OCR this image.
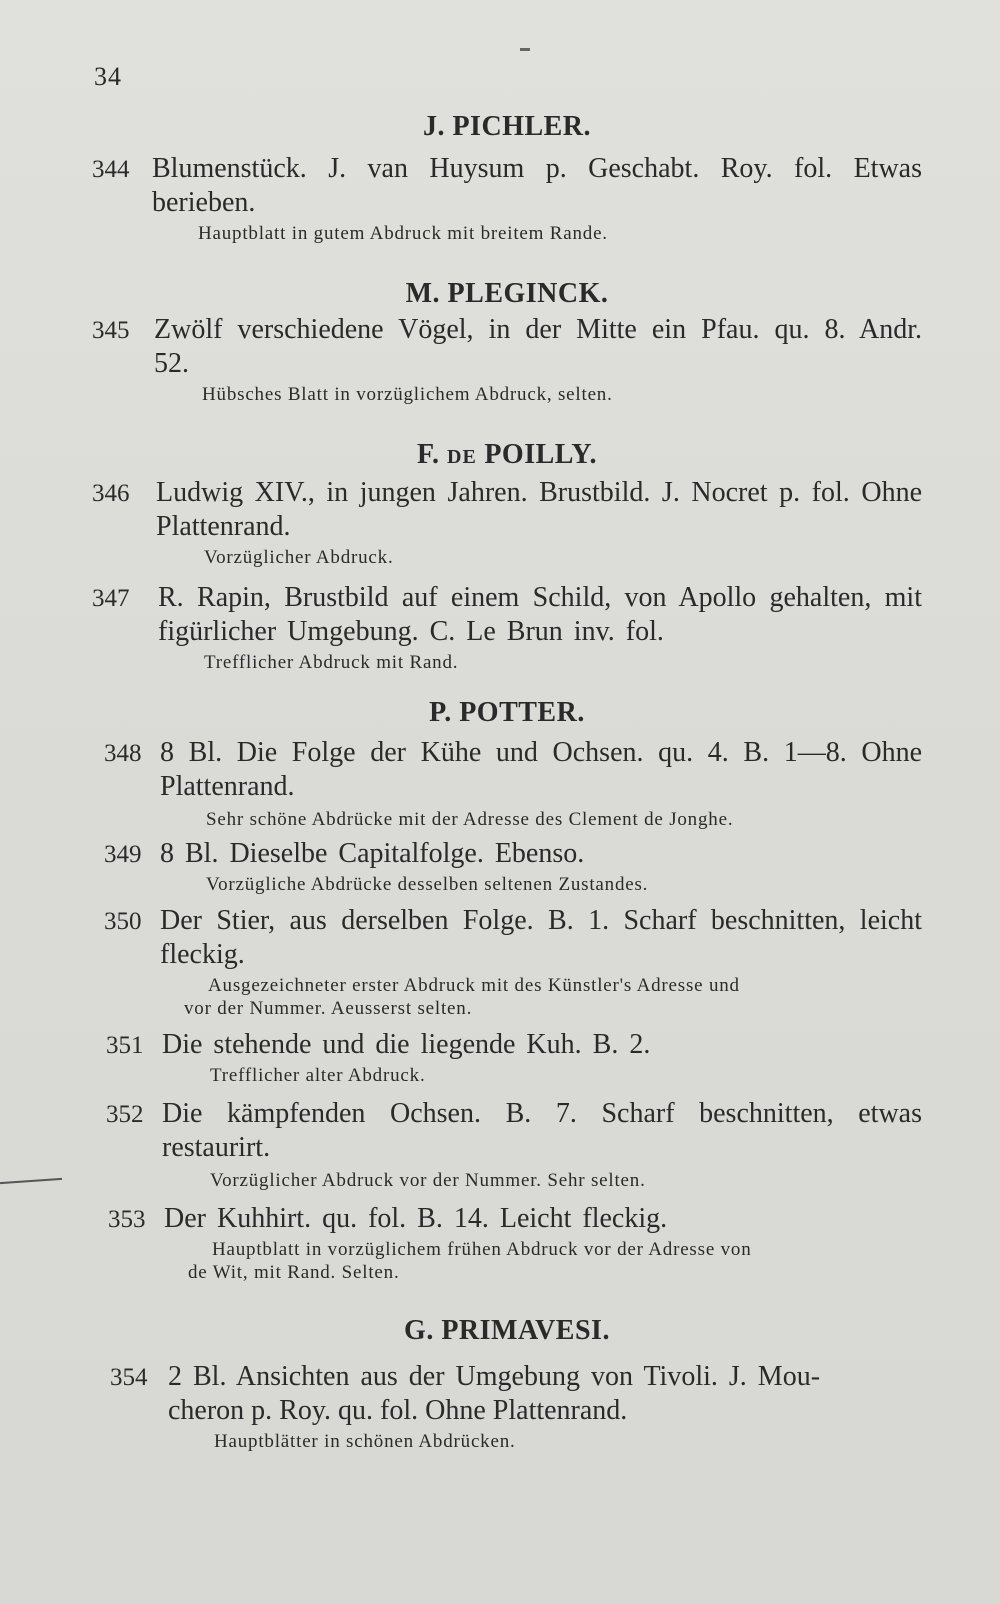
34
J. PICHLER.
344 Blumenstück. J. van Huysum p. Geschabt. Roy. fol. Etwas berieben.
Hauptblatt in gutem Abdruck mit breitem Rande.
M. PLEGINCK.
345 Zwölf verschiedene Vögel, in der Mitte ein Pfau. qu. 8. Andr. 52.
Hübsches Blatt in vorzüglichem Abdruck, selten.
F. DE POILLY.
346 Ludwig XIV., in jungen Jahren. Brustbild. J. Nocret p. fol. Ohne Plattenrand.
Vorzüglicher Abdruck.
347	R. Rapin, Brustbild auf einem Schild, von Apollo gehalten, mit figürlicher Umgebung. C. Le Brun inv. fol.
Trefflicher Abdruck mit Rand.
P. POTTER.
348 8 Bl. Die Folge der Kühe und Ochsen. qu. 4. B. 1—8. Ohne Plattenrand.
Sehr schöne Abdrücke mit der Adresse des Clement de Jonghe.
349 8 Bl. Dieselbe Capitalfolge. Ebenso.
Vorzügliche Abdrücke desselben seltenen Zustandes.
350 Der Stier, aus derselben Folge. B. 1. Scharf beschnitten, leicht fleckig.
Ausgezeichneter erster Abdruck mit des Künstler's Adresse und
vor der Nummer. Aeusserst selten.
351 Die stehende und die liegende Kuh. B. 2.
Trefflicher alter Abdruck.
352 Die kämpfenden Ochsen. B. 7. Scharf beschnitten, etwas restaurirt.
Vorzüglicher Abdruck vor der Nummer. Sehr selten.
353 Der Kuhhirt. qu. fol. B. 14. Leicht fleckig.
Hauptblatt in vorzüglichem frühen Abdruck vor der Adresse von
de Wit, mit Rand. Selten.
G. PRIMAVESI.
354 2 Bl. Ansichten aus der Umgebung von Tivoli. J. Mou-
cheron p. Roy. qu. fol. Ohne Plattenrand.
Hauptblätter in schönen Abdrücken.
